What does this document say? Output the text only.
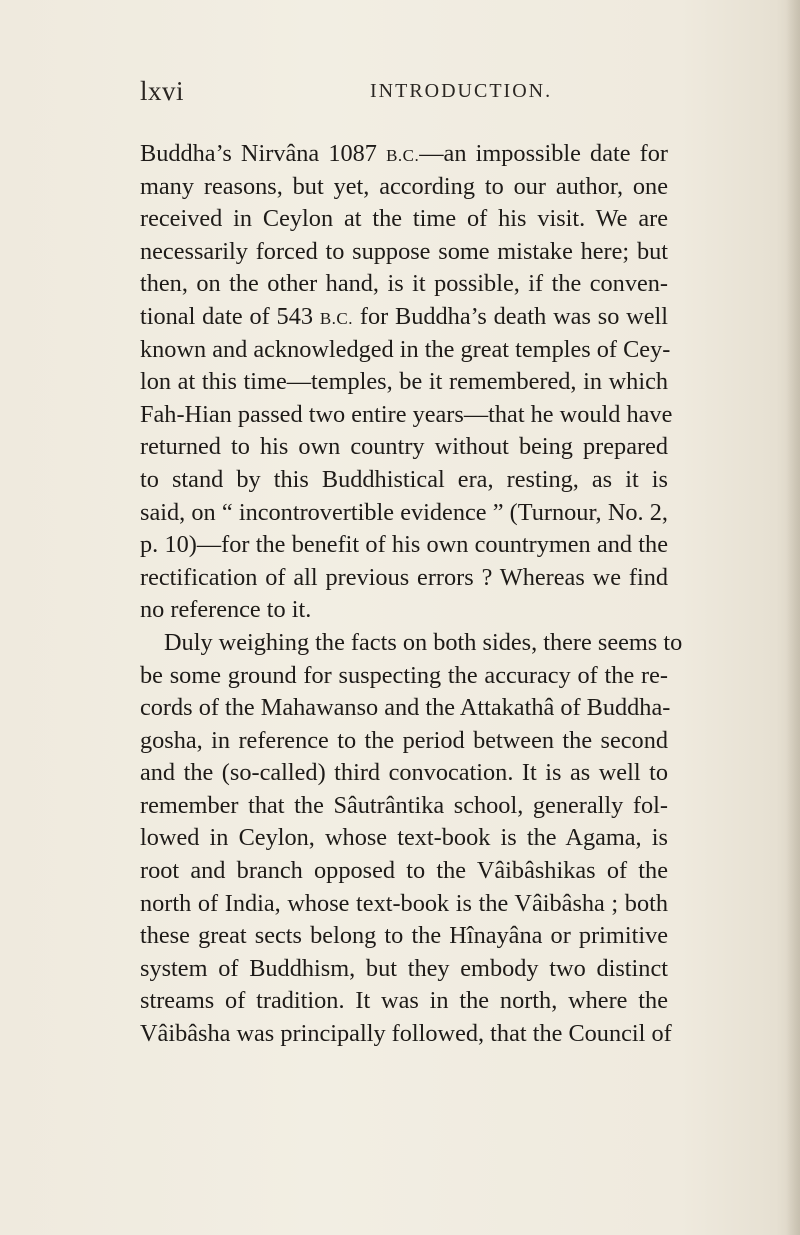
lxvi	INTRODUCTION.
Buddha’s Nirvâna 1087 B.C.—an impossible date for
many reasons, but yet, according to our author, one
received in Ceylon at the time of his visit. We are
necessarily forced to suppose some mistake here; but
then, on the other hand, is it possible, if the conven-
tional date of 543 B.C. for Buddha’s death was so well
known and acknowledged in the great temples of Cey-
lon at this time—temples, be it remembered, in which
Fah-Hian passed two entire years—that he would have
returned to his own country without being prepared
to stand by this Buddhistical era, resting, as it is
said, on “ incontrovertible evidence ” (Turnour, No. 2,
p. 10)—for the benefit of his own countrymen and the
rectification of all previous errors ? Whereas we find
no reference to it.
Duly weighing the facts on both sides, there seems to
be some ground for suspecting the accuracy of the re-
cords of the Mahawanso and the Attakathâ of Buddha-
gosha, in reference to the period between the second
and the (so-called) third convocation. It is as well to
remember that the Sâutrântika school, generally fol-
lowed in Ceylon, whose text-book is the Agama, is
root and branch opposed to the Vâibâshikas of the
north of India, whose text-book is the Vâibâsha ; both
these great sects belong to the Hînayâna or primitive
system of Buddhism, but they embody two distinct
streams of tradition. It was in the north, where the
Vâibâsha was principally followed, that the Council of
